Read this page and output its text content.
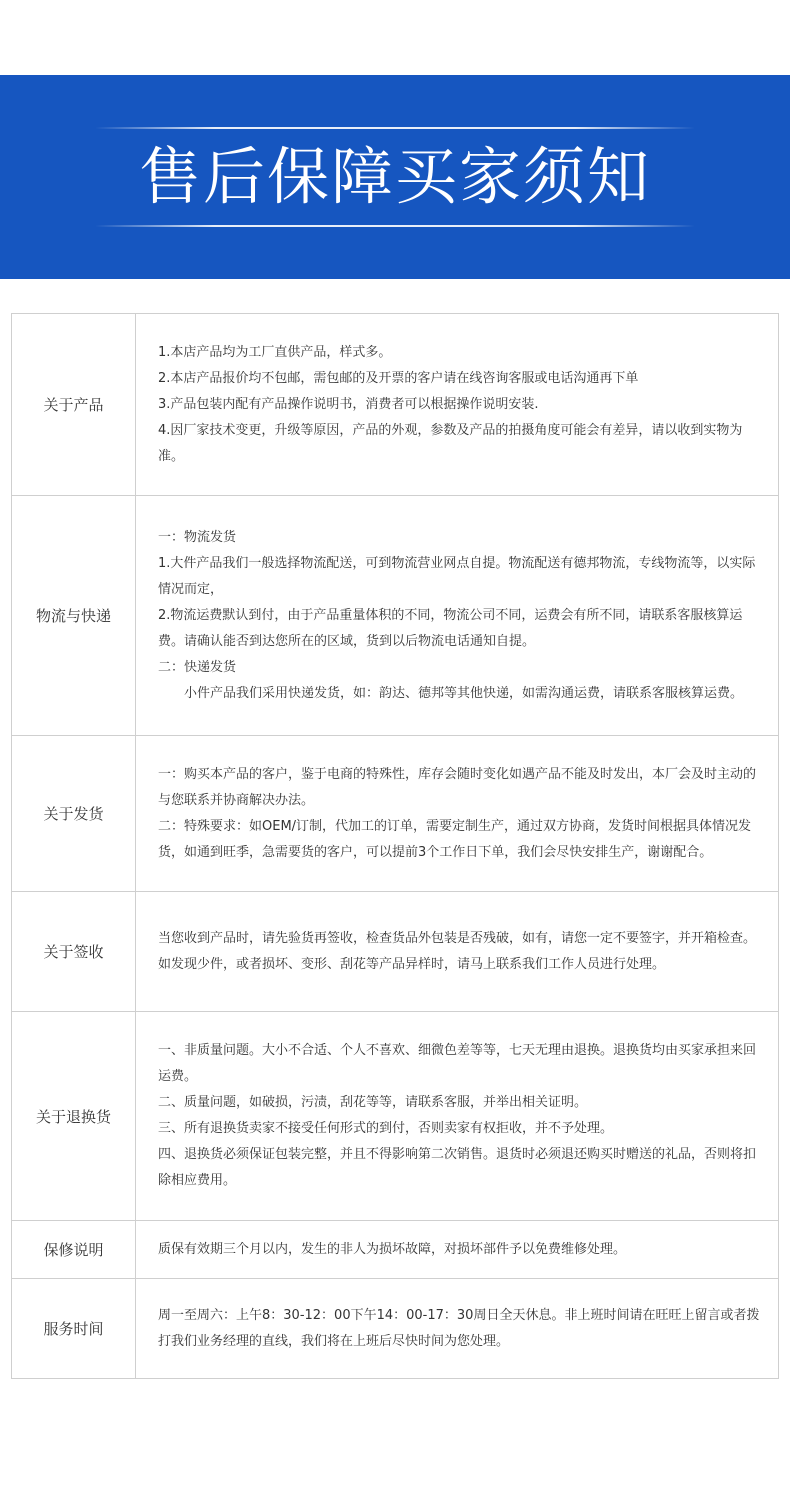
售后保障买家须知
关于产品	1.本店产品均为工厂直供产品，样式多。
2.本店产品报价均不包邮，需包邮的及开票的客户请在线咨询客服或电话沟通再下单
3.产品包装内配有产品操作说明书，消费者可以根据操作说明安装.
4.因厂家技术变更，升级等原因，产品的外观，参数及产品的拍摄角度可能会有差异，请以收到实物为准。

物流与快递	一：物流发货
1.大件产品我们一般选择物流配送，可到物流营业网点自提。物流配送有德邦物流，专线物流等，以实际情况而定，
2.物流运费默认到付，由于产品重量体积的不同，物流公司不同，运费会有所不同，请联系客服核算运费。请确认能否到达您所在的区域，货到以后物流电话通知自提。
二：快递发货
小件产品我们采用快递发货，如：韵达、德邦等其他快递，如需沟通运费，请联系客服核算运费。

关于发货	一：购买本产品的客户，鉴于电商的特殊性，库存会随时变化如遇产品不能及时发出，本厂会及时主动的与您联系并协商解决办法。
二：特殊要求：如OEM/订制，代加工的订单，需要定制生产，通过双方协商，发货时间根据具体情况发货，如通到旺季，急需要货的客户，可以提前3个工作日下单，我们会尽快安排生产，谢谢配合。

关于签收	当您收到产品时，请先验货再签收，检查货品外包装是否残破，如有，请您一定不要签字，并开箱检查。
如发现少件，或者损坏、变形、刮花等产品异样时，请马上联系我们工作人员进行处理。

关于退换货	一、非质量问题。大小不合适、个人不喜欢、细微色差等等，七天无理由退换。退换货均由买家承担来回运费。
二、质量问题，如破损，污渍，刮花等等，请联系客服，并举出相关证明。
三、所有退换货卖家不接受任何形式的到付，否则卖家有权拒收，并不予处理。
四、退换货必须保证包装完整，并且不得影响第二次销售。退货时必须退还购买时赠送的礼品，否则将扣除相应费用。

保修说明	质保有效期三个月以内，发生的非人为损坏故障，对损坏部件予以免费维修处理。

服务时间	周一至周六：上午8：30-12：00下午14：00-17：30周日全天休息。非上班时间请在旺旺上留言或者拨打我们业务经理的直线，我们将在上班后尽快时间为您处理。
